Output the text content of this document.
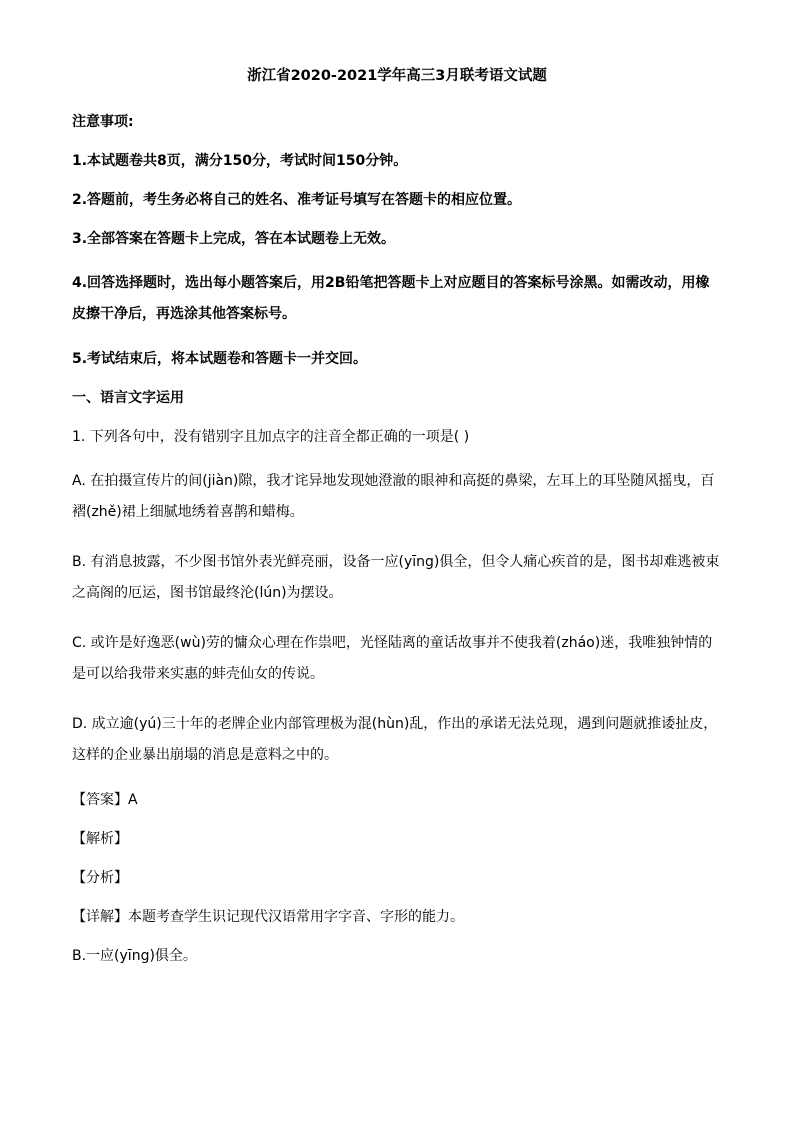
浙江省2020-2021学年高三3月联考语文试题
注意事项:
1.本试题卷共8页，满分150分，考试时间150分钟。
2.答题前，考生务必将自己的姓名、准考证号填写在答题卡的相应位置。
3.全部答案在答题卡上完成，答在本试题卷上无效。
4.回答选择题时，选出每小题答案后，用2B铅笔把答题卡上对应题目的答案标号涂黑。如需改动，用橡皮擦干净后，再选涂其他答案标号。
5.考试结束后，将本试题卷和答题卡一并交回。
一、语言文字运用
1. 下列各句中，没有错别字且加点字的注音全都正确的一项是( )
A. 在拍摄宣传片的间(jiàn)隙，我才诧异地发现她澄澈的眼神和高挺的鼻梁，左耳上的耳坠随风摇曳，百褶(zhě)裙上细腻地绣着喜鹊和蜡梅。
B. 有消息披露，不少图书馆外表光鲜亮丽，设备一应(yīng)俱全，但令人痛心疾首的是，图书却难逃被束之高阁的厄运，图书馆最终沦(lún)为摆设。
C. 或许是好逸恶(wù)劳的慵众心理在作祟吧，光怪陆离的童话故事并不使我着(zháo)迷，我唯独钟情的是可以给我带来实惠的蚌壳仙女的传说。
D. 成立逾(yú)三十年的老牌企业内部管理极为混(hùn)乱，作出的承诺无法兑现，遇到问题就推诿扯皮，这样的企业暴出崩塌的消息是意料之中的。
【答案】A
【解析】
【分析】
【详解】本题考查学生识记现代汉语常用字字音、字形的能力。
B.一应(yīng)俱全。
